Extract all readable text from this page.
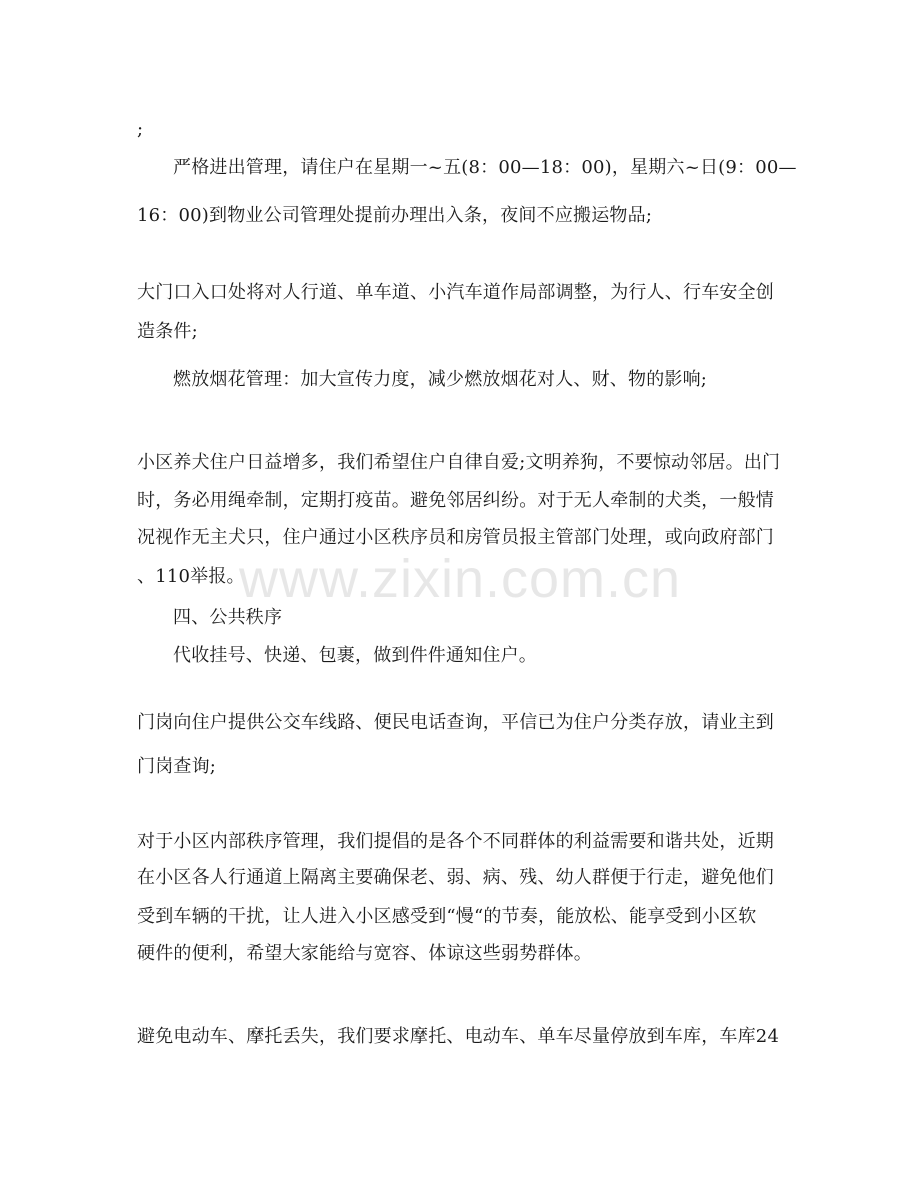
;
严格进出管理，请住户在星期一~五(8：00—18：00)，星期六~日(9：00—
16：00)到物业公司管理处提前办理出入条，夜间不应搬运物品;
大门口入口处将对人行道、单车道、小汽车道作局部调整，为行人、行车安全创
造条件;
燃放烟花管理：加大宣传力度，减少燃放烟花对人、财、物的影响;
小区养犬住户日益增多，我们希望住户自律自爱;文明养狗，不要惊动邻居。出门
时，务必用绳牵制，定期打疫苗。避免邻居纠纷。对于无人牵制的犬类，一般情
况视作无主犬只，住户通过小区秩序员和房管员报主管部门处理，或向政府部门
、110举报。
四、公共秩序
代收挂号、快递、包裹，做到件件通知住户。
门岗向住户提供公交车线路、便民电话查询，平信已为住户分类存放，请业主到
门岗查询;
对于小区内部秩序管理，我们提倡的是各个不同群体的利益需要和谐共处，近期
在小区各人行通道上隔离主要确保老、弱、病、残、幼人群便于行走，避免他们
受到车辆的干扰，让人进入小区感受到“慢“的节奏，能放松、能享受到小区软
硬件的便利，希望大家能给与宽容、体谅这些弱势群体。
避免电动车、摩托丢失，我们要求摩托、电动车、单车尽量停放到车库，车库24
www.zixin.com.cn
